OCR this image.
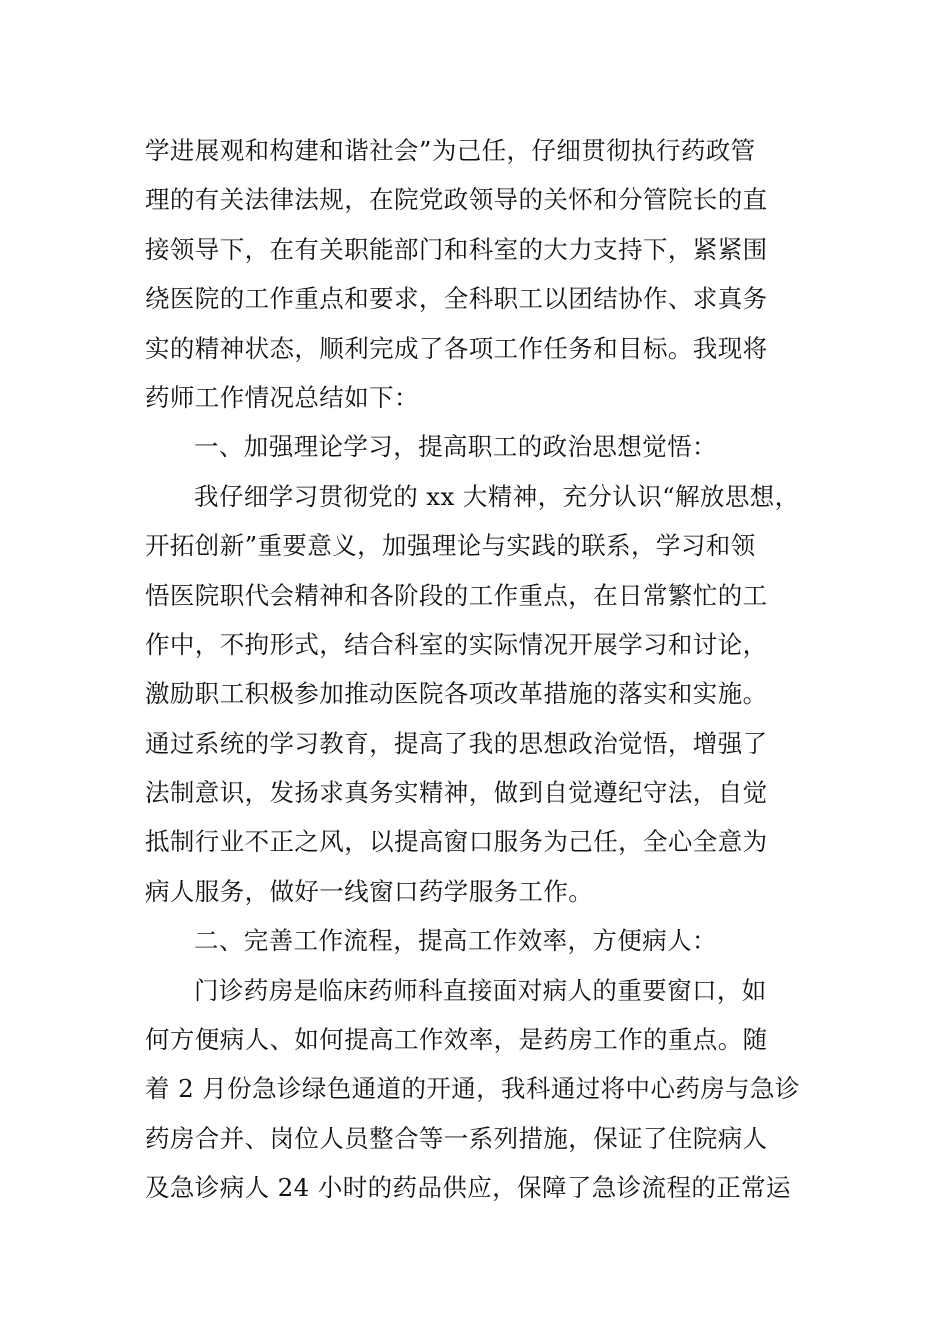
学进展观和构建和谐社会”为己任，仔细贯彻执行药政管
理的有关法律法规，在院党政领导的关怀和分管院长的直
接领导下，在有关职能部门和科室的大力支持下，紧紧围
绕医院的工作重点和要求，全科职工以团结协作、求真务
实的精神状态，顺利完成了各项工作任务和目标。我现将
药师工作情况总结如下：
一、加强理论学习，提高职工的政治思想觉悟：
我仔细学习贯彻党的 xx 大精神，充分认识“解放思想，
开拓创新”重要意义，加强理论与实践的联系，学习和领
悟医院职代会精神和各阶段的工作重点，在日常繁忙的工
作中，不拘形式，结合科室的实际情况开展学习和讨论，
激励职工积极参加推动医院各项改革措施的落实和实施。
通过系统的学习教育，提高了我的思想政治觉悟，增强了
法制意识，发扬求真务实精神，做到自觉遵纪守法，自觉
抵制行业不正之风，以提高窗口服务为己任，全心全意为
病人服务，做好一线窗口药学服务工作。
二、完善工作流程，提高工作效率，方便病人：
门诊药房是临床药师科直接面对病人的重要窗口，如
何方便病人、如何提高工作效率，是药房工作的重点。随
着 2 月份急诊绿色通道的开通，我科通过将中心药房与急诊
药房合并、岗位人员整合等一系列措施，保证了住院病人
及急诊病人 24 小时的药品供应，保障了急诊流程的正常运
